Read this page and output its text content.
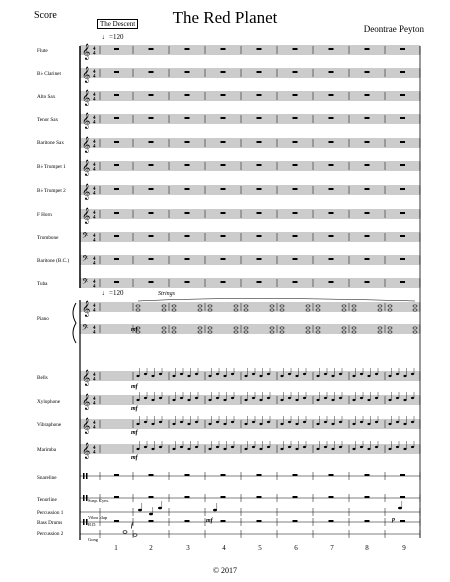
Score	The Red Planet
Deontrae Peyton
The Descent
♩=120
♩=120	Strings
Flute
B♭ Clarinet
Alto Sax
Tenor Sax
Baritone Sax
B♭ Trumpet 1
B♭ Trumpet 2
F Horn
Trombone
Baritone (B.C.)
Tuba
Piano
Bells
Xylophone
Vibraphone
Marimba
Snareline
Tenorline
Bass Drums
Percussion 1
Percussion 2
Susp. Cym.
Vibra Slap
B.D.
Gong
mf
mf
mf
mf
mf
f
mf	p
1	2	3	4	5	6	7	8	9
𝄞 4
4
𝄞 4
4
𝄞 4
4
𝄞 4
4
𝄞 4
4
𝄞 4
4
𝄞 4
4
𝄞 4
4
𝄢 4
4
𝄢 4
4
𝄢 4
4
𝄞
𝄢
4
4
4
4
𝄞 4
4
𝄞 4
4
𝄞 4
4
𝄞 4
4
© 2017
